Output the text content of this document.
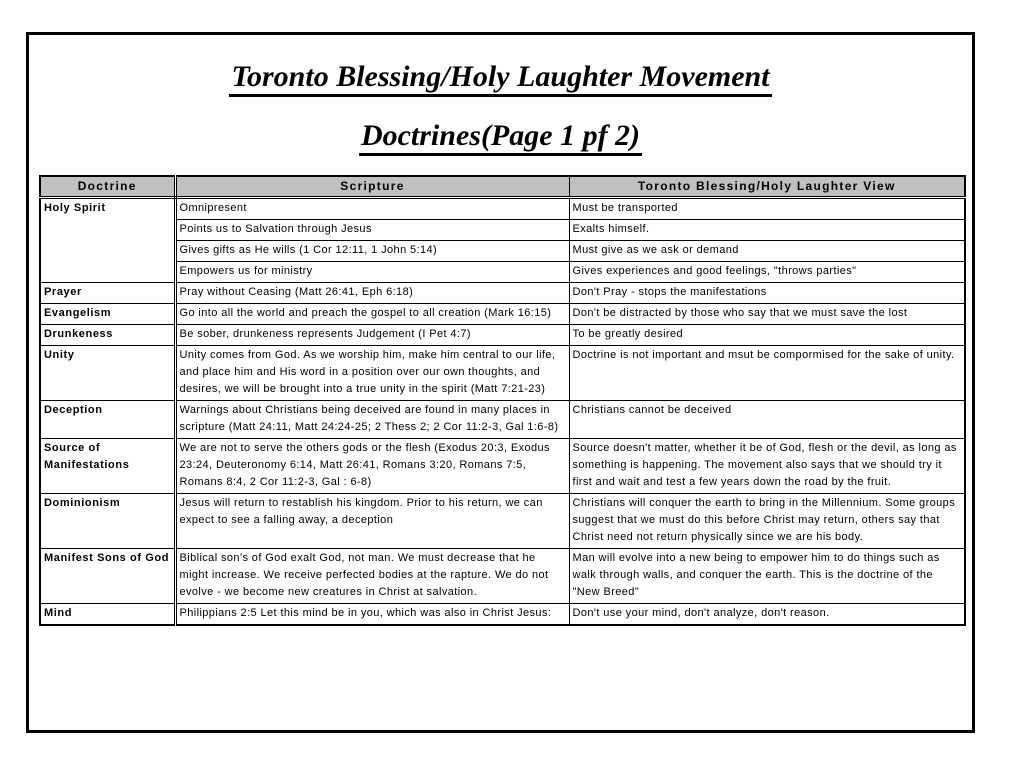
Toronto Blessing/Holy Laughter Movement
Doctrines(Page 1 pf 2)
Doctrine	Scripture	Toronto Blessing/Holy Laughter View
Holy Spirit	Omnipresent	Must be transported
	Points us to Salvation through Jesus	Exalts himself.
	Gives gifts as He wills (1 Cor 12:11, 1 John 5:14)	Must give as we ask or demand
	Empowers us for ministry	Gives experiences and good feelings, "throws parties"
Prayer	Pray without Ceasing (Matt 26:41, Eph 6:18)	Don't Pray - stops the manifestations
Evangelism	Go into all the world and preach the gospel to all creation (Mark 16:15)	Don't be distracted by those who say that we must save the lost
Drunkeness	Be sober, drunkeness represents Judgement (I Pet 4:7)	To be greatly desired
Unity	Unity comes from God. As we worship him, make him central to our life, and place him and His word in a position over our own thoughts, and desires, we will be brought into a true unity in the spirit (Matt 7:21-23)	Doctrine is not important and msut be compormised for the sake of unity.
Deception	Warnings about Christians being deceived are found in many places in scripture (Matt 24:11, Matt 24:24-25; 2 Thess 2; 2 Cor 11:2-3, Gal 1:6-8)	Christians cannot be deceived
Source of Manifestations	We are not to serve the others gods or the flesh (Exodus 20:3, Exodus 23:24, Deuteronomy 6:14, Matt 26:41, Romans 3:20, Romans 7:5, Romans 8:4, 2 Cor 11:2-3, Gal : 6-8)	Source doesn't matter, whether it be of God, flesh or the devil, as long as something is happening. The movement also says that we should try it first and wait and test a few years down the road by the fruit.
Dominionism	Jesus will return to restablish his kingdom. Prior to his return, we can expect to see a falling away, a deception	Christians will conquer the earth to bring in the Millennium. Some groups suggest that we must do this before Christ may return, others say that Christ need not return physically since we are his body.
Manifest Sons of God	Biblical son's of God exalt God, not man. We must decrease that he might increase. We receive perfected bodies at the rapture. We do not evolve - we become new creatures in Christ at salvation.	Man will evolve into a new being to empower him to do things such as walk through walls, and conquer the earth. This is the doctrine of the "New Breed"
Mind	Philippians 2:5 Let this mind be in you, which was also in Christ Jesus:	Don't use your mind, don't analyze, don't reason.
